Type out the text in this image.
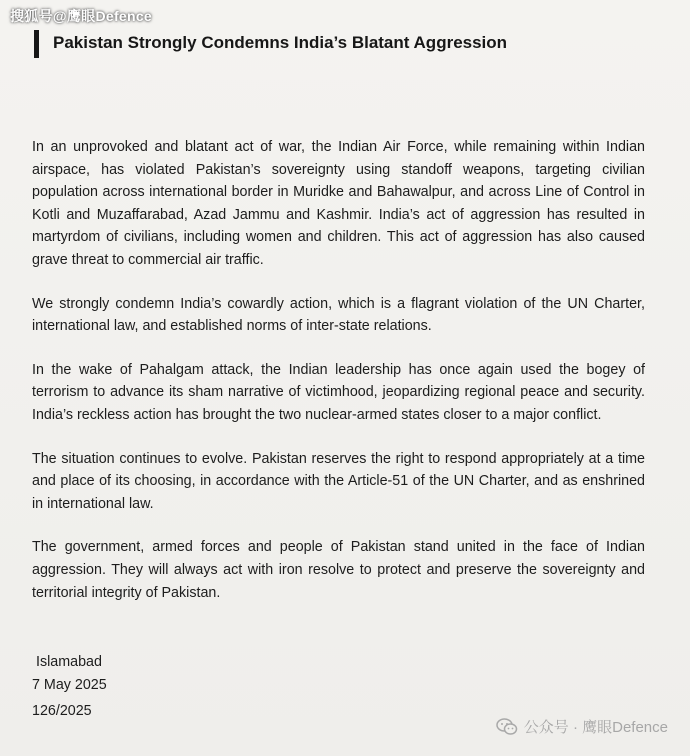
搜狐号@鹰眼Defence
Pakistan Strongly Condemns India’s Blatant Aggression

In an unprovoked and blatant act of war, the Indian Air Force, while remaining within Indian airspace, has violated Pakistan’s sovereignty using standoff weapons, targeting civilian population across international border in Muridke and Bahawalpur, and across Line of Control in Kotli and Muzaffarabad, Azad Jammu and Kashmir. India’s act of aggression has resulted in martyrdom of civilians, including women and children. This act of aggression has also caused grave threat to commercial air traffic.

We strongly condemn India’s cowardly action, which is a flagrant violation of the UN Charter, international law, and established norms of inter-state relations.

In the wake of Pahalgam attack, the Indian leadership has once again used the bogey of terrorism to advance its sham narrative of victimhood, jeopardizing regional peace and security. India’s reckless action has brought the two nuclear-armed states closer to a major conflict.

The situation continues to evolve. Pakistan reserves the right to respond appropriately at a time and place of its choosing, in accordance with the Article-51 of the UN Charter, and as enshrined in international law.

The government, armed forces and people of Pakistan stand united in the face of Indian aggression. They will always act with iron resolve to protect and preserve the sovereignty and territorial integrity of Pakistan.

Islamabad
7 May 2025
126/2025
公众号 · 鹰眼Defence
